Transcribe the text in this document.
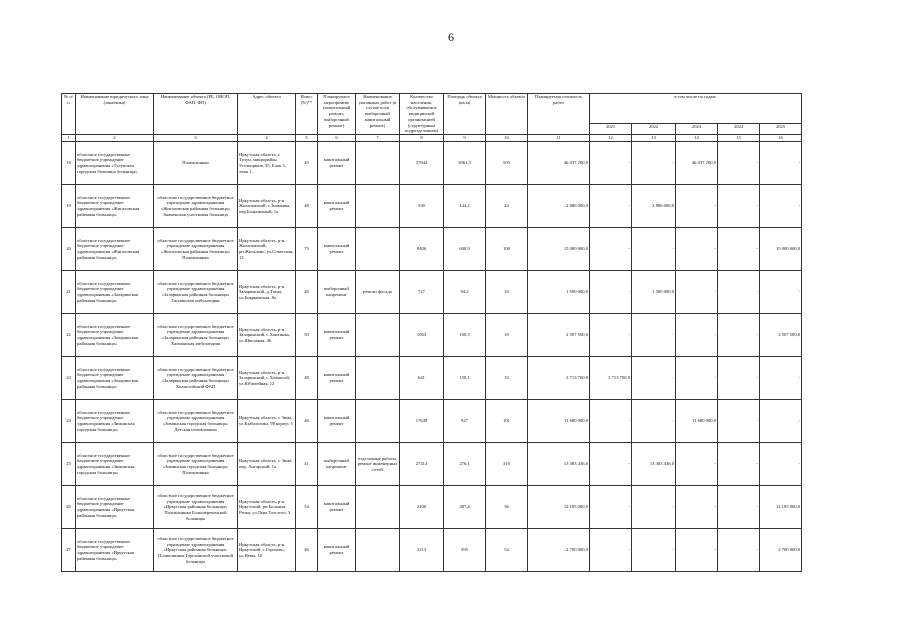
6
№ п/п	Наименование юридического лица (заказчика)	Наименование объекта (РБ, ОВОП, ФАП, ФП)	Адрес объекта	Износ (%)**	Планируемое мероприятие (капитальный ремонт, выборочный ремонт)	Наименование указанных работ (в случае если выборочный капитальный ремонт)	Количество населения, обслуживаемое медицинской организацией (структурным подразделением)	Площадь объекта (кв.м)	Мощность объекта	Планируемая стоимость работ	в том числе по годам:				
											2021	2022	2023	2024	2025
1	2	3	4	5	6	7	8	9	10	11	12	13	14	15	16
18	областное государственное бюджетное учреждение здравоохранения «Тулунская городская больница больница»	Поликлиника	Иркутская область, г. Тулун, микрорайон Угольщиков, 35, Блок 3, этаж 1.	45	капитальный ремонт		37842	3061,5	505	46 037 200,0	-	-	46 037 200,0	-	-
19	областное государственное бюджетное учреждение здравоохранения «Жигаловская районная больница»	областное государственное бюджетное учреждение здравоохранения «Жигаловская районная больница» Знаменская участковая больница	Иркутская область, р-н Жигаловский, с.Знаменка, пер.Больничный, 1а	48	капитальный ремонт		530	144,2	24	2 886 000,0	-	2 886 000,0	-	-	-
20	областное государственное бюджетное учреждение здравоохранения «Жигаловская районная больница»	областное государственное бюджетное учреждение здравоохранения «Жигаловская районная больница» Поликлиника	Иркутская область, р-н Жигаловский, рп.Жигалово, ул.Советская, 13	75	капитальный ремонт		9406	600,9	100	15 000 000,0	-	-	-	-	15 000 000,0
21	областное государственное бюджетное учреждение здравоохранения «Заларинская районная больница»	областное государственное бюджетное учреждение здравоохранения «Заларинская районная больница» Тагнинская амбулатория	Иркутская область, р-н Заларинский, д.Тагна, ул.Бояркинская, 8а	48	выборочный капремонт	ремонт фасада	727	94,2	10	1 500 000,0	-	1 500 000,0	-	-	-
22	областное государственное бюджетное учреждение здравоохранения «Заларинская районная больница»	областное государственное бюджетное учреждение здравоохранения «Заларинская районная больница» Хаихинская амбулатория	Иркутская область, р-н Заларинский, с.Хаихинка, ул.Школьная, 46	50	капитальный ремонт		1063	100,3	10	2 507 500,0	-	-	-	-	2 507 500,0
23	областное государственное бюджетное учреждение здравоохранения «Заларинская районная больница»	областное государственное бюджетное учреждение здравоохранения «Заларинская районная больница» Холмогойский ФАП	Иркутская область, р-н Заларинский, с.Холмогой, ул.Юбилейная, 12	48	капитальный ремонт		641	150,1	10	3 713 700,0	3 713 700,0	-	-	-	-
24	областное государственное бюджетное учреждение здравоохранения «Зиминская городская больница»	областное государственное бюджетное учреждение здравоохранения «Зиминская городская больница» Детская поликлиника	Иркутская область, г. Зима, ул.Кыбальтика, 98 корпус 5	46	капитальный ремонт		17649	927	101	11 600 000,0	-	-	11 600 000,0	-	-
25	областное государственное бюджетное учреждение здравоохранения «Зиминская городская больница»	областное государственное бюджетное учреждение здравоохранения «Зиминская городская больница» Поликлиника	Иркутская область, г. Зима, пер. Ангарский, 1а	41	выборочный капремонт	отделочные работы, ремонт инженерных сетей	27414	276,1	310	13 383 436,0	-	13 383 436,0	-	-	-
26	областное государственное бюджетное учреждение здравоохранения «Иркутская районная больница»	областное государственное бюджетное учреждение здравоохранения «Иркутская районная больница» Поликлиника Большереченской больницы	Иркутская область, р-н Иркутский, рп.Большая Речка, ул.Льва Толстого, 3	54	капитальный ремонт		2200	487,4	36	12 185 000,0	-	-	-	-	12 185 000,0
27	областное государственное бюджетное учреждение здравоохранения «Иркутская районная больница»	областное государственное бюджетное учреждение здравоохранения «Иркутская районная больница» Поликлиника Горохо́вской участковой больницы	Иркутская область, р-н Иркутский, с.Горохово, ул.Невы, 10	46	капитальный ремонт		2113	395	54	2 700 000,0	-	-	-	-	2 700 000,0
